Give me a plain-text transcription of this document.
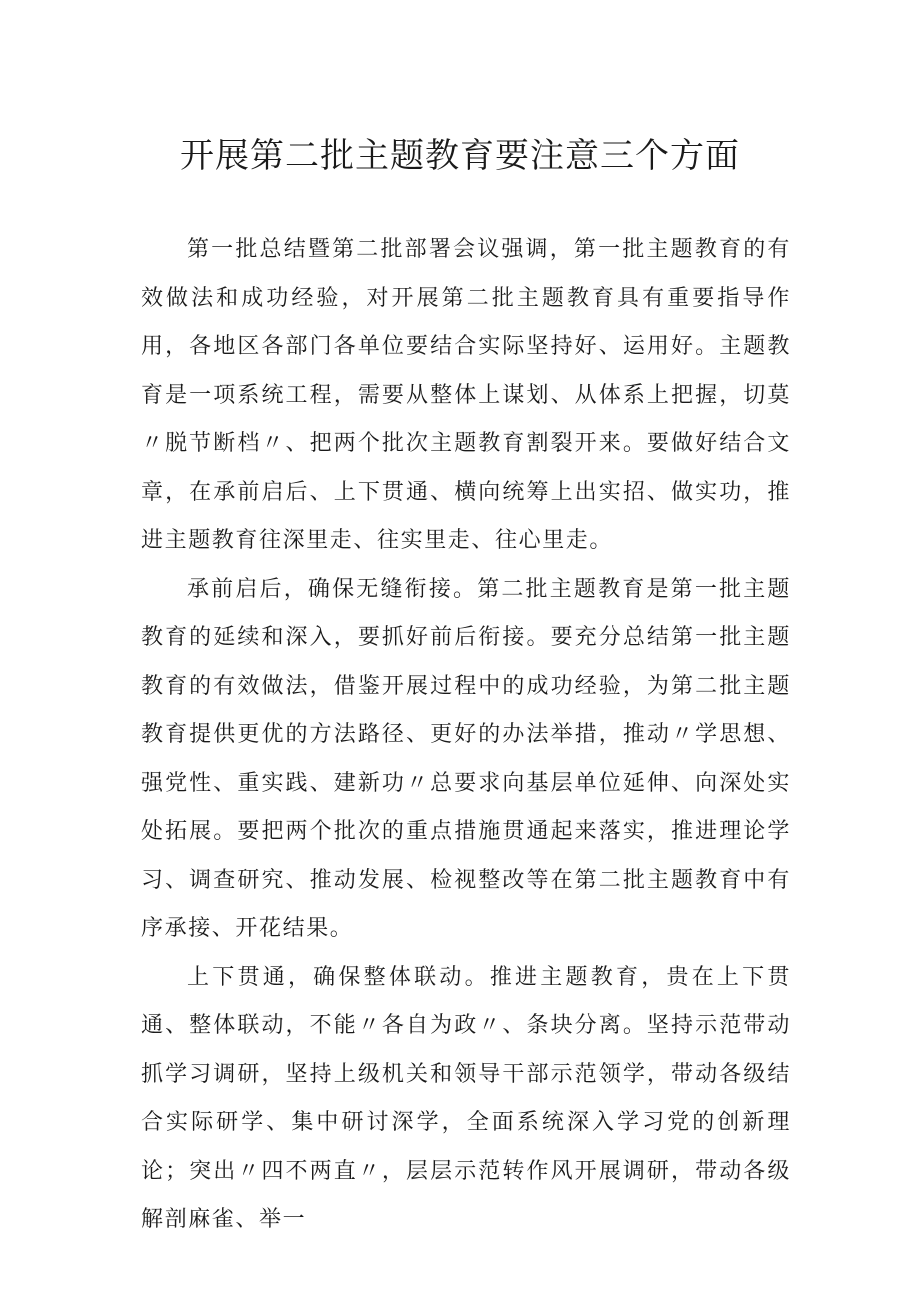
开展第二批主题教育要注意三个方面

第一批总结暨第二批部署会议强调，第一批主题教育的有效做法和成功经验，对开展第二批主题教育具有重要指导作用，各地区各部门各单位要结合实际坚持好、运用好。主题教育是一项系统工程，需要从整体上谋划、从体系上把握，切莫〃脱节断档〃、把两个批次主题教育割裂开来。要做好结合文章，在承前启后、上下贯通、横向统筹上出实招、做实功，推进主题教育往深里走、往实里走、往心里走。

承前启后，确保无缝衔接。第二批主题教育是第一批主题教育的延续和深入，要抓好前后衔接。要充分总结第一批主题教育的有效做法，借鉴开展过程中的成功经验，为第二批主题教育提供更优的方法路径、更好的办法举措，推动〃学思想、强党性、重实践、建新功〃总要求向基层单位延伸、向深处实处拓展。要把两个批次的重点措施贯通起来落实，推进理论学习、调查研究、推动发展、检视整改等在第二批主题教育中有序承接、开花结果。

上下贯通，确保整体联动。推进主题教育，贵在上下贯通、整体联动，不能〃各自为政〃、条块分离。坚持示范带动抓学习调研，坚持上级机关和领导干部示范领学，带动各级结合实际研学、集中研讨深学，全面系统深入学习党的创新理论；突出〃四不两直〃，层层示范转作风开展调研，带动各级解剖麻雀、举一
